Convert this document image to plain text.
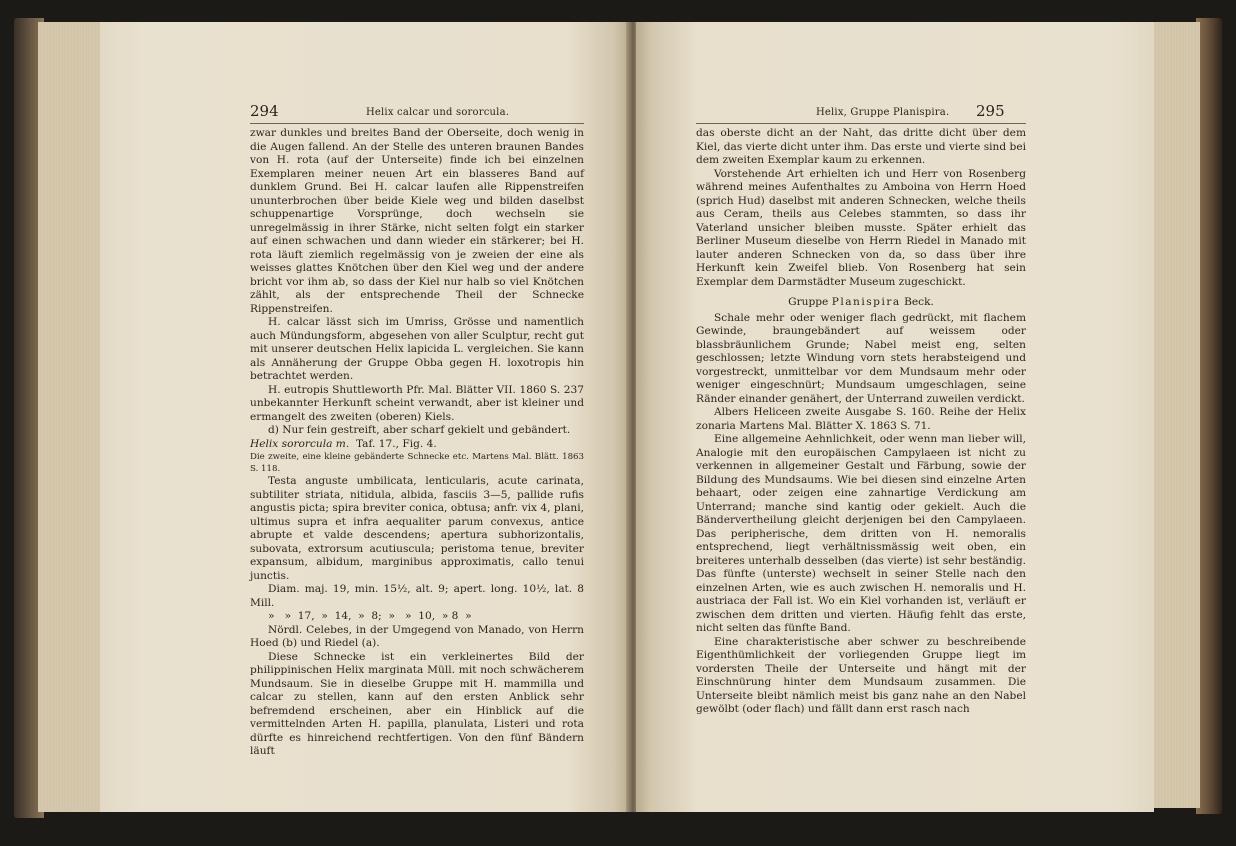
294	Helix calcar und sororcula.

zwar dunkles und breites Band der Oberseite, doch wenig in die Augen fallend. An der Stelle des unteren braunen Bandes von H. rota (auf der Unterseite) finde ich bei einzelnen Exemplaren meiner neuen Art ein blasseres Band auf dunklem Grund. Bei H. calcar laufen alle Rippenstreifen ununterbrochen über beide Kiele weg und bilden daselbst schuppenartige Vorsprünge, doch wechseln sie unregelmässig in ihrer Stärke, nicht selten folgt ein starker auf einen schwachen und dann wieder ein stärkerer; bei H. rota läuft ziemlich regelmässig von je zweien der eine als weisses glattes Knötchen über den Kiel weg und der andere bricht vor ihm ab, so dass der Kiel nur halb so viel Knötchen zählt, als der entsprechende Theil der Schnecke Rippenstreifen.

H. calcar lässt sich im Umriss, Grösse und namentlich auch Mündungsform, abgesehen von aller Sculptur, recht gut mit unserer deutschen Helix lapicida L. vergleichen. Sie kann als Annäherung der Gruppe Obba gegen H. loxotropis hin betrachtet werden.

H. eutropis Shuttleworth Pfr. Mal. Blätter VII. 1860 S. 237 unbekannter Herkunft scheint verwandt, aber ist kleiner und ermangelt des zweiten (oberen) Kiels.

d) Nur fein gestreift, aber scharf gekielt und gebändert.

Helix sororcula m. Taf. 17., Fig. 4.

Die zweite, eine kleine gebänderte Schnecke etc. Martens Mal. Blätt. 1863 S. 118.

Testa anguste umbilicata, lenticularis, acute carinata, subtiliter striata, nitidula, albida, fasciis 3—5, pallide rufis angustis picta; spira breviter conica, obtusa; anfr. vix 4, plani, ultimus supra et infra aequaliter parum convexus, antice abrupte et valde descendens; apertura subhorizontalis, subovata, extrorsum acutiuscula; peristoma tenue, breviter expansum, albidum, marginibus approximatis, callo tenui junctis.

Diam. maj. 19, min. 15½, alt. 9; apert. long. 10½, lat. 8 Mill.

»   »  17,  »  14,  »  8;  »   »  10,  » 8  »

Nördl. Celebes, in der Umgegend von Manado, von Herrn Hoed (b) und Riedel (a).

Diese Schnecke ist ein verkleinertes Bild der philippinischen Helix marginata Müll. mit noch schwächerem Mundsaum. Sie in dieselbe Gruppe mit H. mammilla und calcar zu stellen, kann auf den ersten Anblick sehr befremdend erscheinen, aber ein Hinblick auf die vermittelnden Arten H. papilla, planulata, Listeri und rota dürfte es hinreichend rechtfertigen. Von den fünf Bändern läuft

Helix, Gruppe Planispira. 295

das oberste dicht an der Naht, das dritte dicht über dem Kiel, das vierte dicht unter ihm. Das erste und vierte sind bei dem zweiten Exemplar kaum zu erkennen.

Vorstehende Art erhielten ich und Herr von Rosenberg während meines Aufenthaltes zu Amboina von Herrn Hoed (sprich Hud) daselbst mit anderen Schnecken, welche theils aus Ceram, theils aus Celebes stammten, so dass ihr Vaterland unsicher bleiben musste. Später erhielt das Berliner Museum dieselbe von Herrn Riedel in Manado mit lauter anderen Schnecken von da, so dass über ihre Herkunft kein Zweifel blieb. Von Rosenberg hat sein Exemplar dem Darmstädter Museum zugeschickt.

Gruppe Planispira Beck.

Schale mehr oder weniger flach gedrückt, mit flachem Gewinde, braungebändert auf weissem oder blassbräunlichem Grunde; Nabel meist eng, selten geschlossen; letzte Windung vorn stets herabsteigend und vorgestreckt, unmittelbar vor dem Mundsaum mehr oder weniger eingeschnürt; Mundsaum umgeschlagen, seine Ränder einander genähert, der Unterrand zuweilen verdickt.

Albers Heliceen zweite Ausgabe S. 160. Reihe der Helix zonaria Martens Mal. Blätter X. 1863 S. 71.

Eine allgemeine Aehnlichkeit, oder wenn man lieber will, Analogie mit den europäischen Campylaeen ist nicht zu verkennen in allgemeiner Gestalt und Färbung, sowie der Bildung des Mundsaums. Wie bei diesen sind einzelne Arten behaart, oder zeigen eine zahnartige Verdickung am Unterrand; manche sind kantig oder gekielt. Auch die Bändervertheilung gleicht derjenigen bei den Campylaeen. Das peripherische, dem dritten von H. nemoralis entsprechend, liegt verhältnissmässig weit oben, ein breiteres unterhalb desselben (das vierte) ist sehr beständig. Das fünfte (unterste) wechselt in seiner Stelle nach den einzelnen Arten, wie es auch zwischen H. nemoralis und H. austriaca der Fall ist. Wo ein Kiel vorhanden ist, verläuft er zwischen dem dritten und vierten. Häufig fehlt das erste, nicht selten das fünfte Band.

Eine charakteristische aber schwer zu beschreibende Eigenthümlichkeit der vorliegenden Gruppe liegt im vordersten Theile der Unterseite und hängt mit der Einschnürung hinter dem Mundsaum zusammen. Die Unterseite bleibt nämlich meist bis ganz nahe an den Nabel gewölbt (oder flach) und fällt dann erst rasch nach
